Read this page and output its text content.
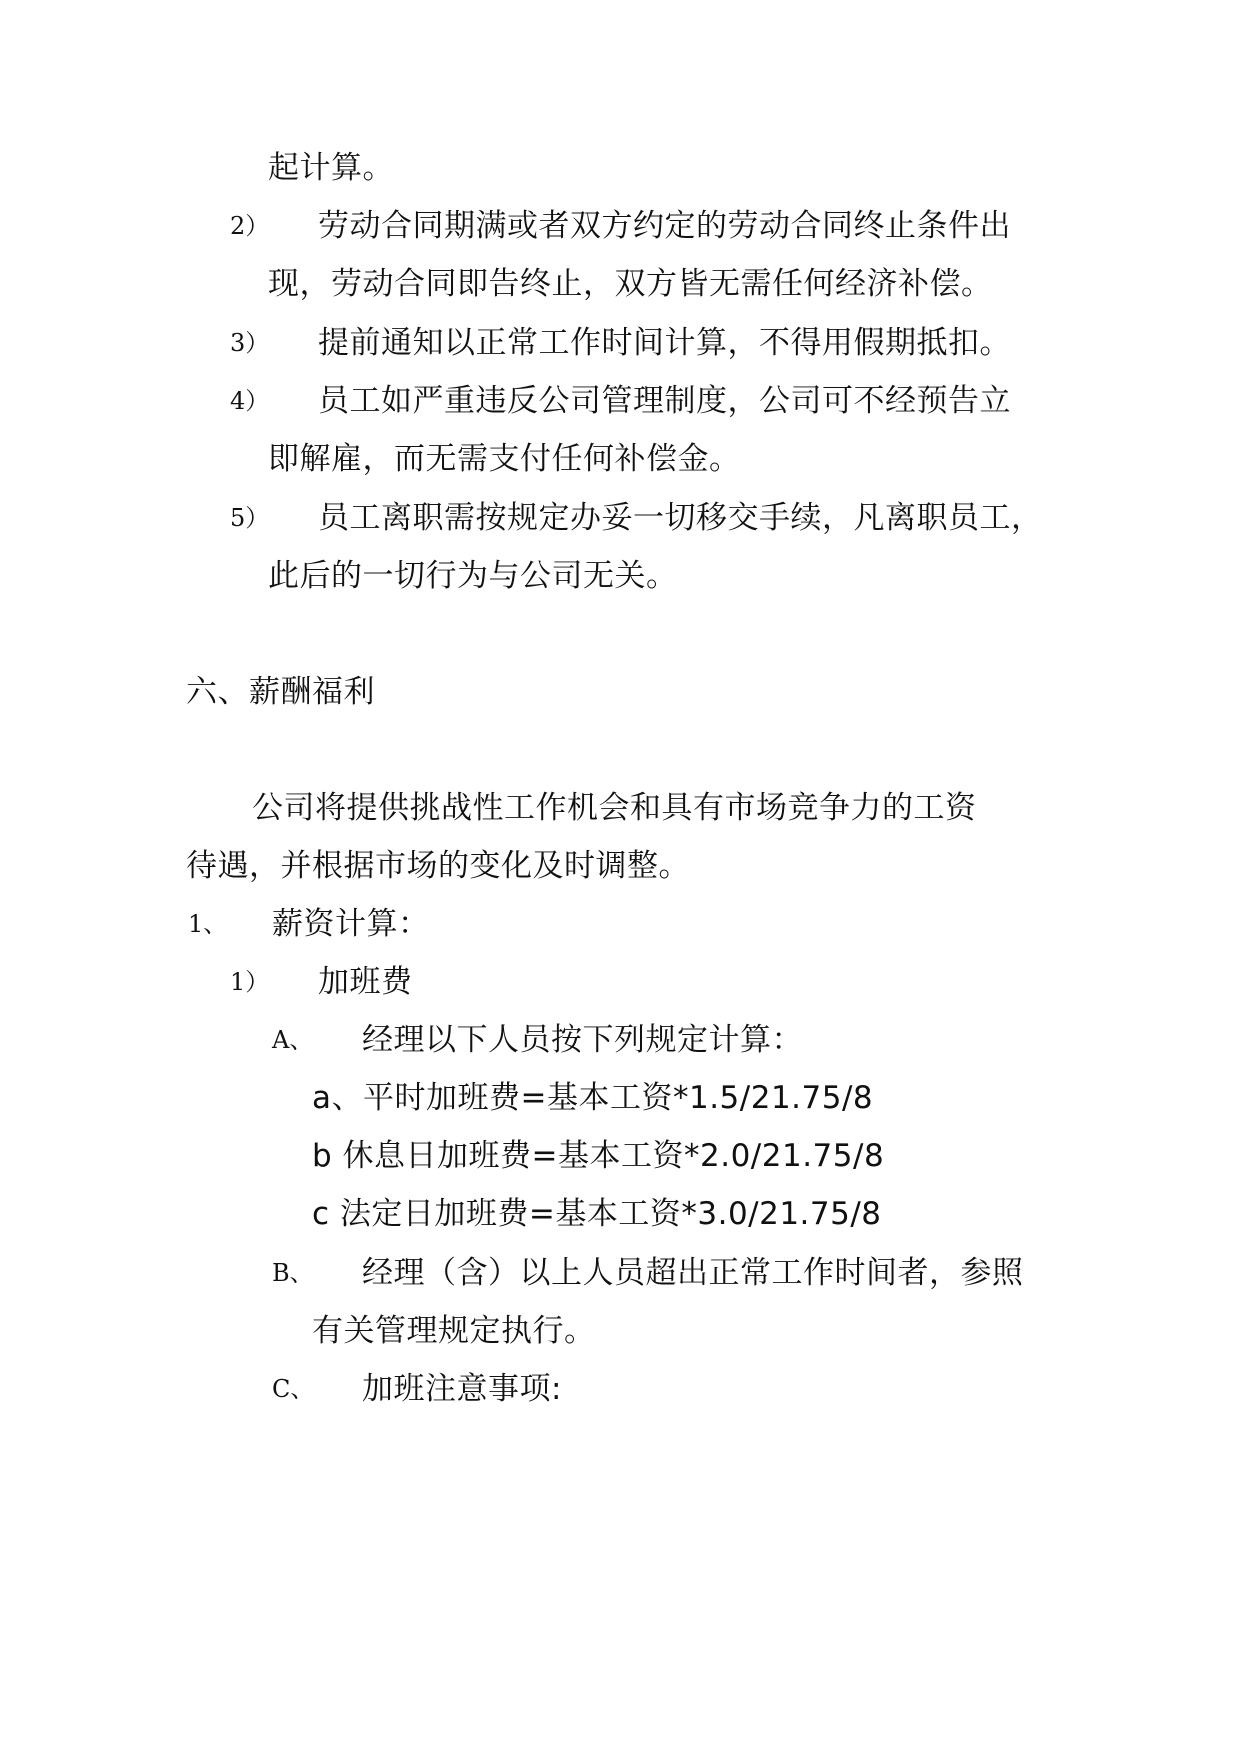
起计算。
2） 劳动合同期满或者双方约定的劳动合同终止条件出
现，劳动合同即告终止，双方皆无需任何经济补偿。
3） 提前通知以正常工作时间计算，不得用假期抵扣。
4） 员工如严重违反公司管理制度，公司可不经预告立
即解雇，而无需支付任何补偿金。
5） 员工离职需按规定办妥一切移交手续，凡离职员工，
此后的一切行为与公司无关。
六、薪酬福利
公司将提供挑战性工作机会和具有市场竞争力的工资
待遇，并根据市场的变化及时调整。
1、 薪资计算：
1） 加班费
A、 经理以下人员按下列规定计算：
a、平时加班费=基本工资*1.5/21.75/8
b 休息日加班费=基本工资*2.0/21.75/8
c 法定日加班费=基本工资*3.0/21.75/8
B、 经理（含）以上人员超出正常工作时间者，参照
有关管理规定执行。
C、 加班注意事项:
